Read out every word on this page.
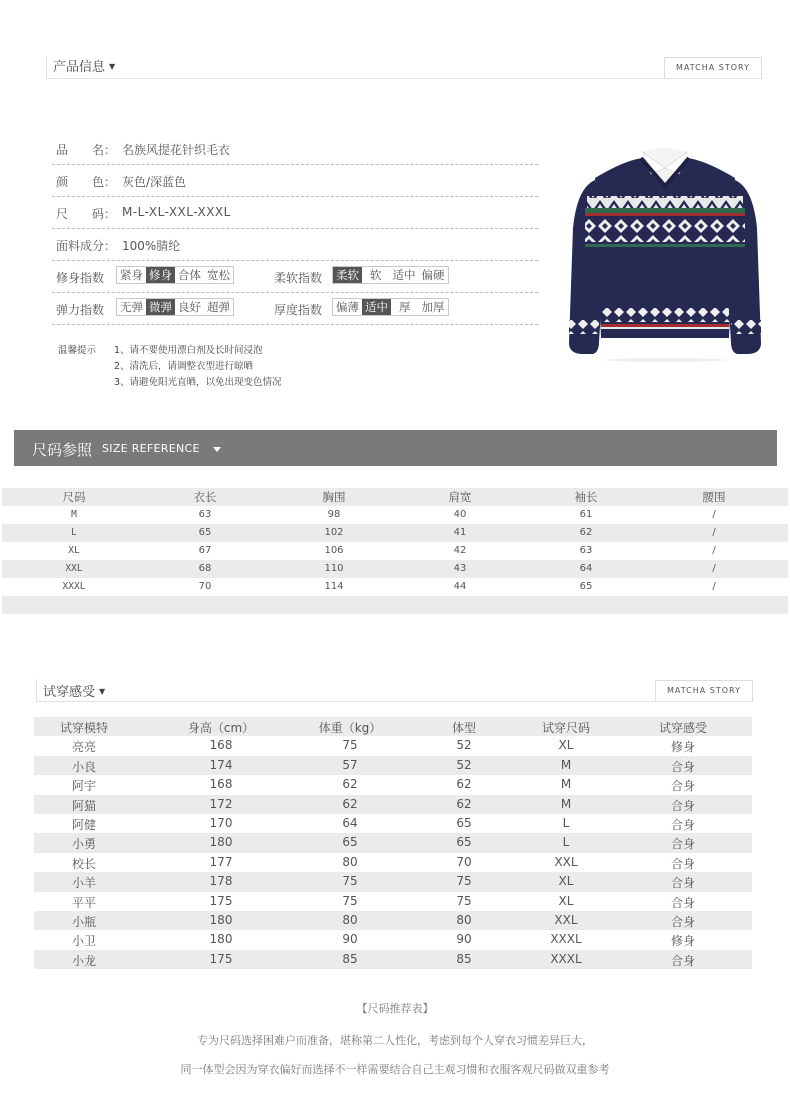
产品信息 ▼	MATCHA STORY
品　　名： 名族风提花针织毛衣
颜　　色： 灰色/深蓝色
尺　　码： M-L-XL-XXL-XXXL
面料成分： 100%腈纶
修身指数	紧身 修身 合体 宽松	柔软指数	柔软 软 适中 偏硬
弹力指数	无弹 微弹 良好 超弹	厚度指数	偏薄 适中 厚 加厚
温馨提示 1、请不要使用漂白剂及长时间浸泡
2、清洗后，请调整衣型进行晾晒
3、请避免阳光直晒，以免出现变色情况
尺码参照 SIZE REFERENCE
尺码	衣长	胸围	肩宽	袖长	腰围
M	63	98	40	61	/
L	65	102	41	62	/
XL	67	106	42	63	/
XXL	68	110	43	64	/
XXXL	70	114	44	65	/
试穿感受 ▼	MATCHA STORY
试穿模特	身高（cm）	体重（kg）	体型	试穿尺码	试穿感受
亮亮	168	75	52	XL	修身
小良	174	57	52	M	合身
阿宇	168	62	62	M	合身
阿猫	172	62	62	M	合身
阿健	170	64	65	L	合身
小勇	180	65	65	L	合身
校长	177	80	70	XXL	合身
小羊	178	75	75	XL	合身
平平	175	75	75	XL	合身
小瓶	180	80	80	XXL	合身
小卫	180	90	90	XXXL	修身
小龙	175	85	85	XXXL	合身
【尺码推荐表】
专为尺码选择困难户而准备，堪称第二人性化，考虑到每个人穿衣习惯差异巨大，
同一体型会因为穿衣偏好而选择不一样需要结合自己主观习惯和衣服客观尺码做双重参考
